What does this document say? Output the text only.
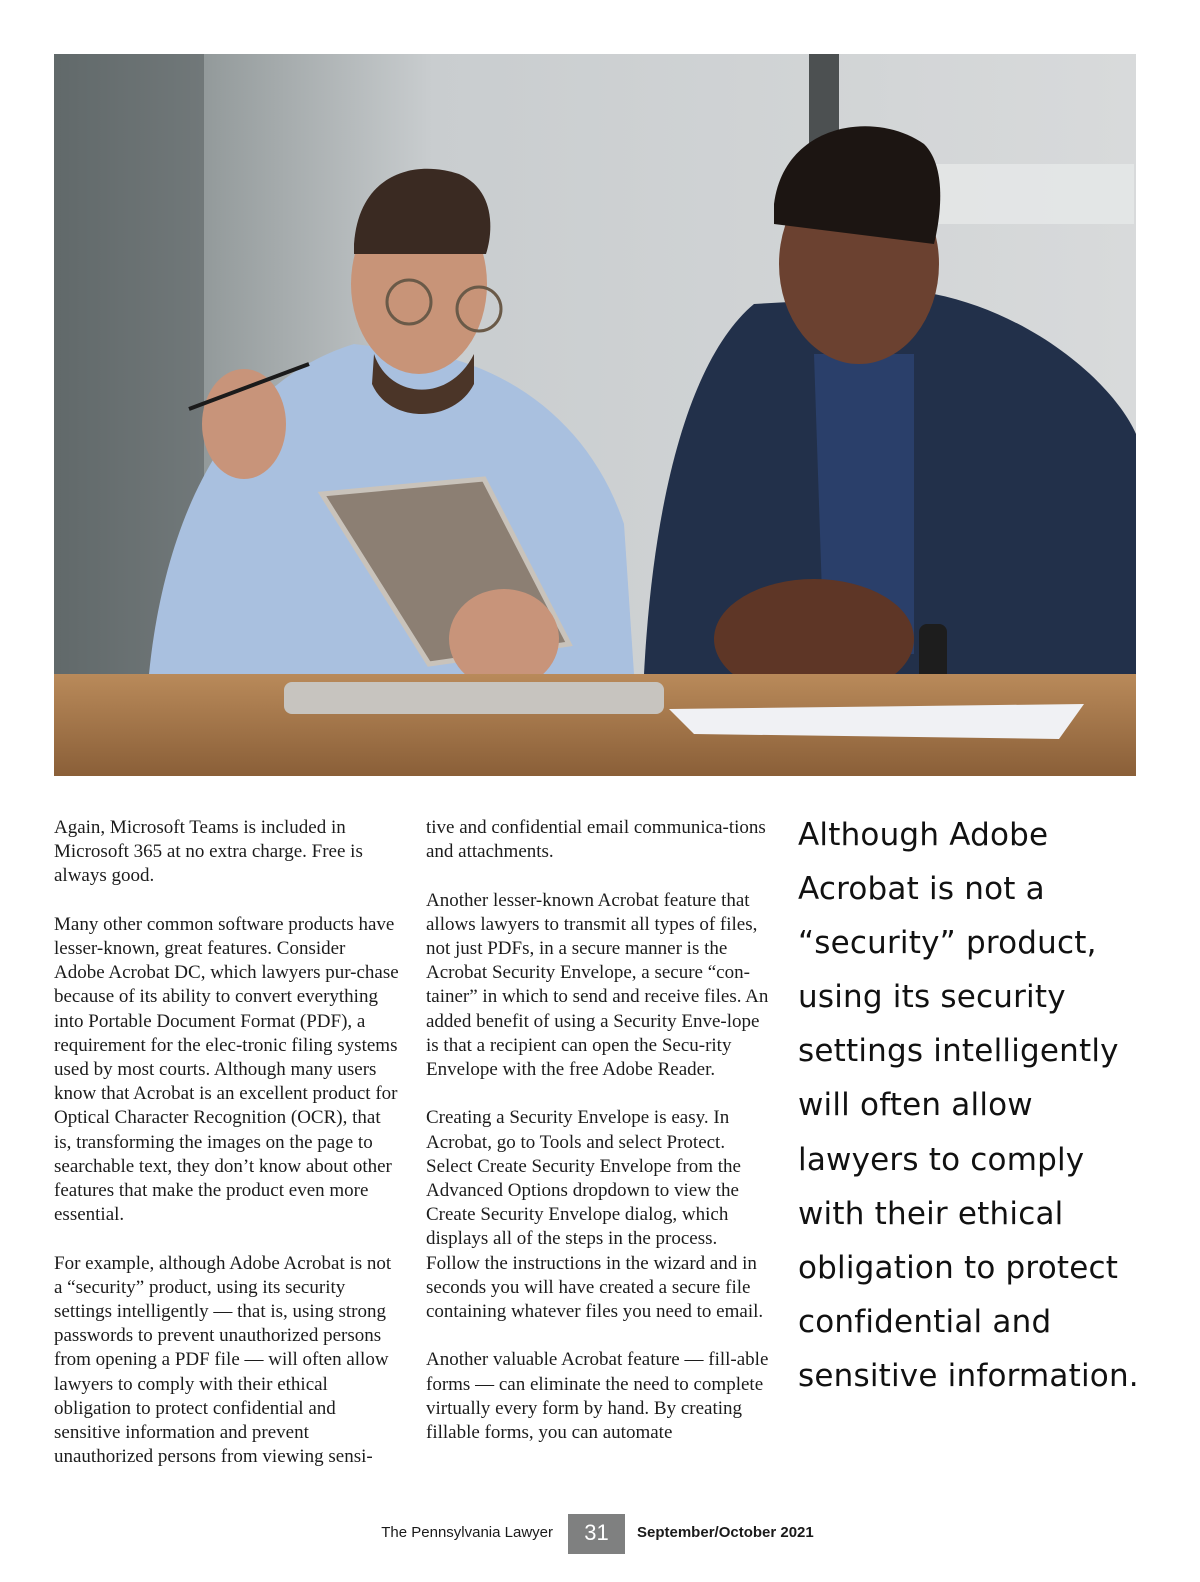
Again, Microsoft Teams is included in Microsoft 365 at no extra charge. Free is always good.

Many other common software products have lesser-known, great features. Consider Adobe Acrobat DC, which lawyers pur-chase because of its ability to convert everything into Portable Document Format (PDF), a requirement for the elec-tronic filing systems used by most courts. Although many users know that Acrobat is an excellent product for Optical Character Recognition (OCR), that is, transforming the images on the page to searchable text, they don’t know about other features that make the product even more essential.

For example, although Adobe Acrobat is not a “security” product, using its security settings intelligently — that is, using strong passwords to prevent unauthorized persons from opening a PDF file — will often allow lawyers to comply with their ethical obligation to protect confidential and sensitive information and prevent unauthorized persons from viewing sensi-

tive and confidential email communica-tions and attachments.

Another lesser-known Acrobat feature that allows lawyers to transmit all types of files, not just PDFs, in a secure manner is the Acrobat Security Envelope, a secure “con-tainer” in which to send and receive files. An added benefit of using a Security Enve-lope is that a recipient can open the Secu-rity Envelope with the free Adobe Reader.

Creating a Security Envelope is easy. In Acrobat, go to Tools and select Protect. Select Create Security Envelope from the Advanced Options dropdown to view the Create Security Envelope dialog, which displays all of the steps in the process. Follow the instructions in the wizard and in seconds you will have created a secure file containing whatever files you need to email.

Another valuable Acrobat feature — fill-able forms — can eliminate the need to complete virtually every form by hand. By creating fillable forms, you can automate

Although Adobe Acrobat is not a “security” product, using its security settings intelligently will often allow lawyers to comply with their ethical obligation to protect confidential and sensitive information.
The Pennsylvania Lawyer	31	September/October 2021
